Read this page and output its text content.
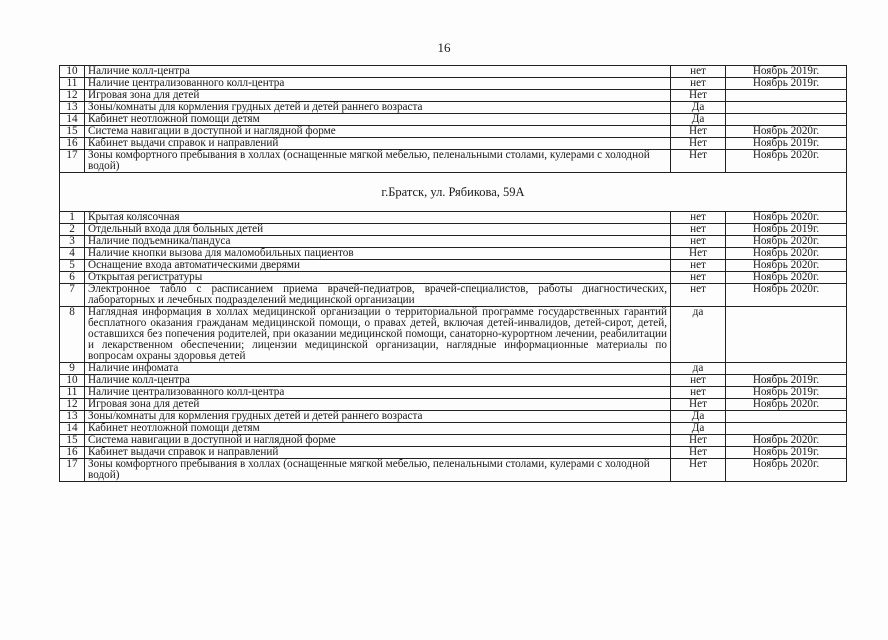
16
10	Наличие колл-центра	нет	Ноябрь 2019г.
11	Наличие централизованного колл-центра	нет	Ноябрь 2019г.
12	Игровая зона для детей	Нет	
13	Зоны/комнаты для кормления грудных детей и детей раннего возраста	Да	
14	Кабинет неотложной помощи детям	Да	
15	Система навигации в доступной и наглядной форме	Нет	Ноябрь 2020г.
16	Кабинет выдачи справок и направлений	Нет	Ноябрь 2019г.
17	Зоны комфортного пребывания в холлах (оснащенные мягкой мебелью, пеленальными столами, кулерами с холодной водой)	Нет	Ноябрь 2020г.
г.Братск, ул. Рябикова, 59А			
1	Крытая колясочная	нет	Ноябрь 2020г.
2	Отдельный входа для больных детей	нет	Ноябрь 2019г.
3	Наличие подъемника/пандуса	нет	Ноябрь 2020г.
4	Наличие кнопки вызова для маломобильных пациентов	Нет	Ноябрь 2020г.
5	Оснащение входа автоматическими дверями	нет	Ноябрь 2020г.
6	Открытая регистратуры	нет	Ноябрь 2020г.
7	Электронное табло с расписанием приема врачей-педиатров, врачей-специалистов, работы диагностических, лабораторных и лечебных подразделений медицинской организации	нет	Ноябрь 2020г.
8	Наглядная информация в холлах медицинской организации о территориальной программе государственных гарантий бесплатного оказания гражданам медицинской помощи, о правах детей, включая детей-инвалидов, детей-сирот, детей, оставшихся без попечения родителей, при оказании медицинской помощи, санаторно-курортном лечении, реабилитации и лекарственном обеспечении; лицензии медицинской организации, наглядные информационные материалы по вопросам охраны здоровья детей	да	
9	Наличие инфомата	да	
10	Наличие колл-центра	нет	Ноябрь 2019г.
11	Наличие централизованного колл-центра	нет	Ноябрь 2019г.
12	Игровая зона для детей	Нет	Ноябрь 2020г.
13	Зоны/комнаты для кормления грудных детей и детей раннего возраста	Да	
14	Кабинет неотложной помощи детям	Да	
15	Система навигации в доступной и наглядной форме	Нет	Ноябрь 2020г.
16	Кабинет выдачи справок и направлений	Нет	Ноябрь 2019г.
17	Зоны комфортного пребывания в холлах (оснащенные мягкой мебелью, пеленальными столами, кулерами с холодной водой)	Нет	Ноябрь 2020г.
